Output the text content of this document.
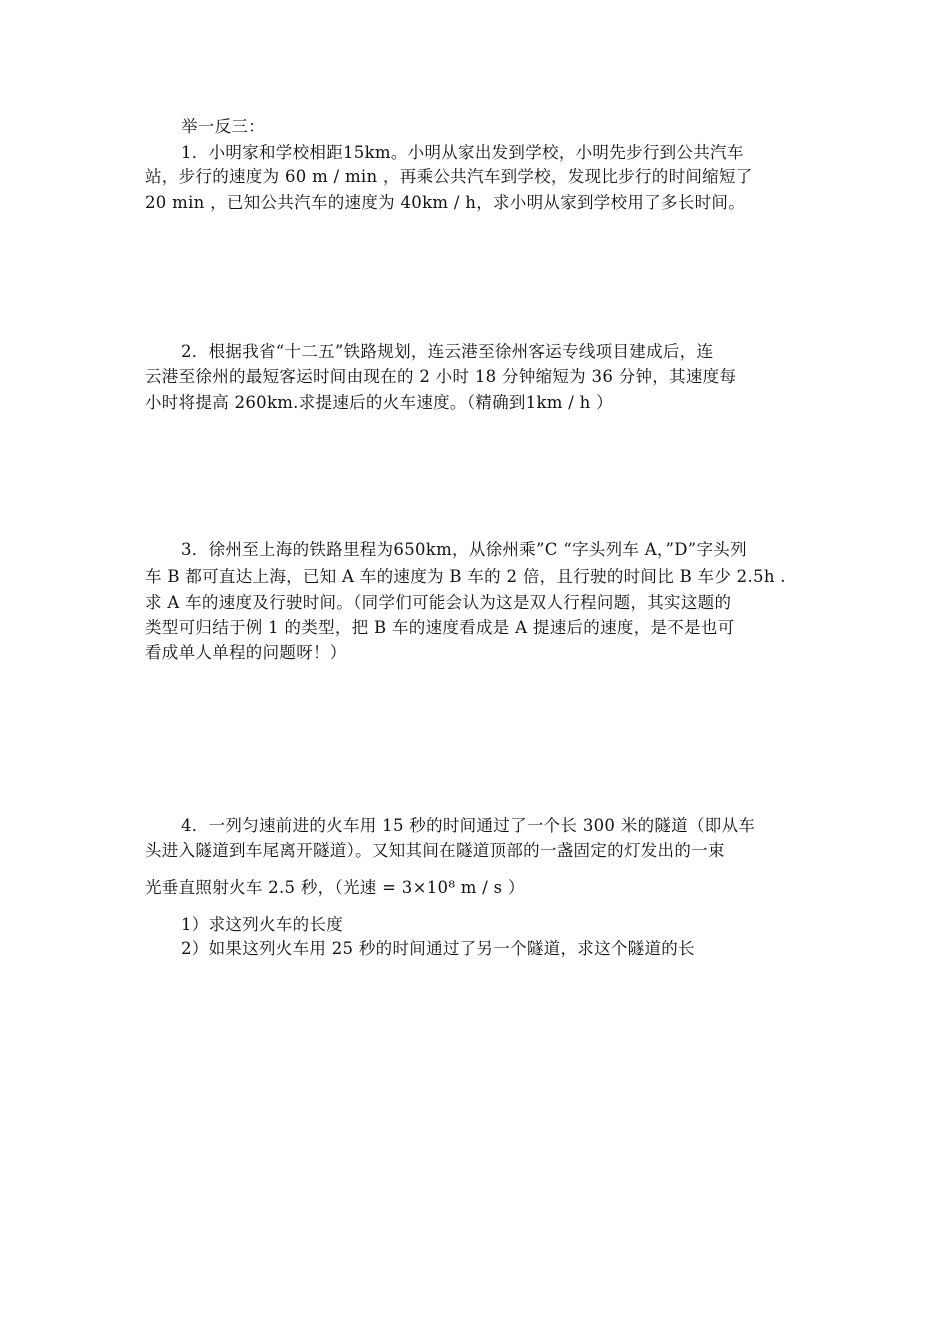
举一反三：
1．小明家和学校相距15km。小明从家出发到学校，小明先步行到公共汽车
站，步行的速度为 60 m / min ，再乘公共汽车到学校，发现比步行的时间缩短了
20 min ，已知公共汽车的速度为 40km / h，求小明从家到学校用了多长时间。
2．根据我省“十二五”铁路规划，连云港至徐州客运专线项目建成后，连
云港至徐州的最短客运时间由现在的 2 小时 18 分钟缩短为 36 分钟，其速度每
小时将提高 260km.求提速后的火车速度。（精确到1km / h ）
3．徐州至上海的铁路里程为650km，从徐州乘”C “字头列车 A，”D”字头列
车 B 都可直达上海，已知 A 车的速度为 B 车的 2 倍，且行驶的时间比 B 车少 2.5h .
求 A 车的速度及行驶时间。（同学们可能会认为这是双人行程问题，其实这题的
类型可归结于例 1 的类型，把 B 车的速度看成是 A 提速后的速度，是不是也可
看成单人单程的问题呀！）
4．一列匀速前进的火车用 15 秒的时间通过了一个长 300 米的隧道（即从车
头进入隧道到车尾离开隧道）。又知其间在隧道顶部的一盏固定的灯发出的一束
光垂直照射火车 2.5 秒，（光速 = 3×10⁸ m / s ）
1）求这列火车的长度
2）如果这列火车用 25 秒的时间通过了另一个隧道，求这个隧道的长
